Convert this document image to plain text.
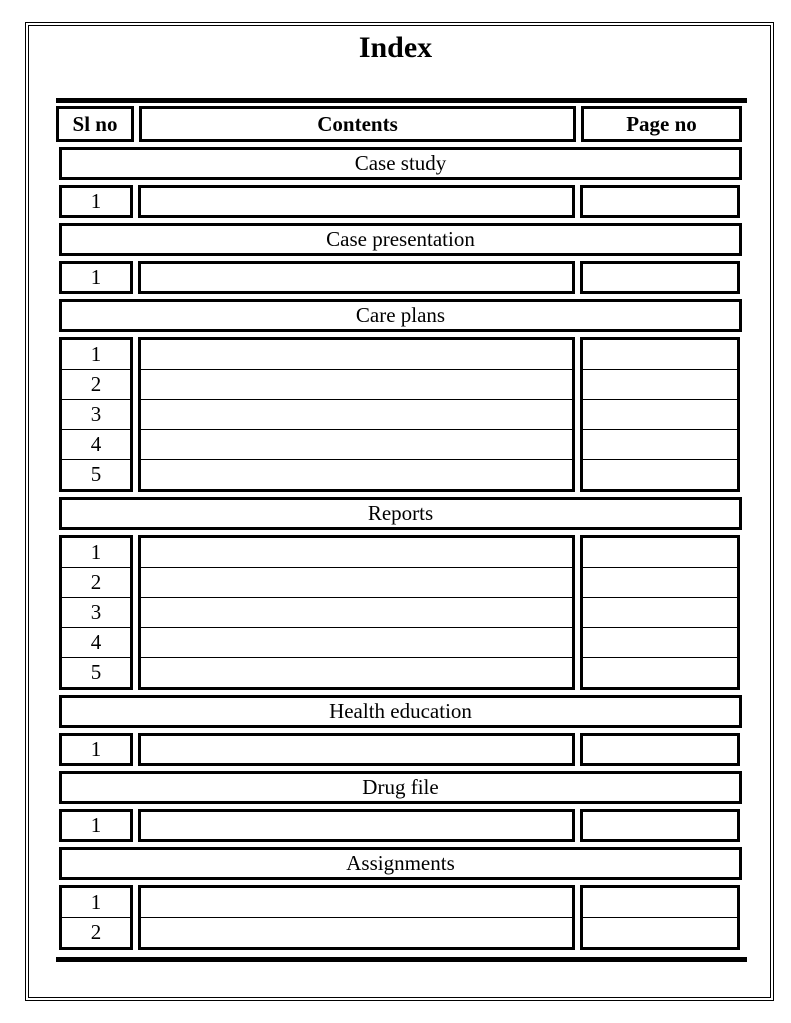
Index
Sl no	Contents	Page no
Case study
1
Case presentation
1
Care plans
1
2
3
4
5
Reports
1
2
3
4
5
Health education
1
Drug file
1
Assignments
1
2
